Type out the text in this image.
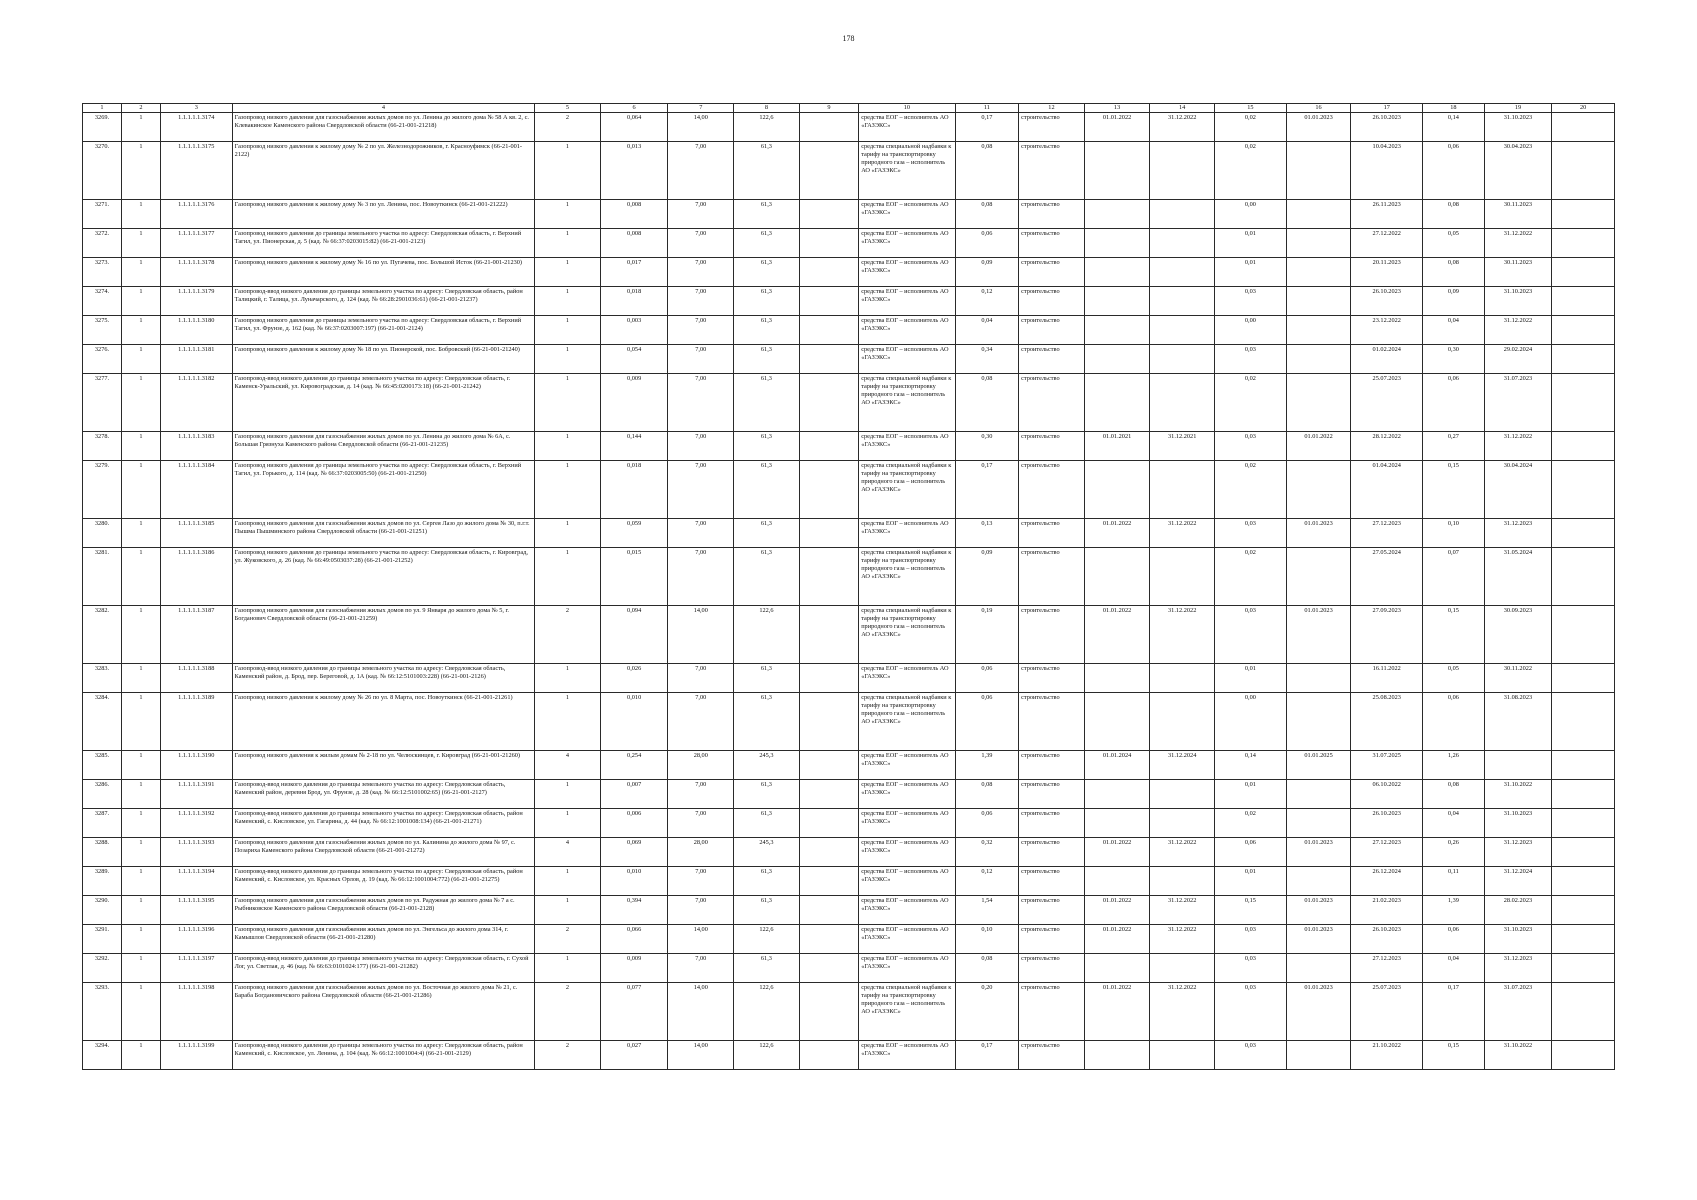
178
1	2	3	4	5	6	7	8	9	10	11	12	13	14	15	16	17	18	19	20
3269.	1	1.1.1.1.1.3174	Газопровод низкого давления для газоснабжения жилых домов по ул. Ленина до жилого дома № 58 А кв. 2, с. Клевакинское Каменского района Свердловской области (66-21-001-21218)	2	0,064	14,00	122,6		средства ЕОГ – исполнитель АО «ГАЗЭКС»	0,17	строительство	01.01.2022	31.12.2022	0,02	01.01.2023	26.10.2023	0,14	31.10.2023	
3270.	1	1.1.1.1.1.3175	Газопровод низкого давления к жилому дому № 2 по ул. Железнодорожников, г. Красноуфимск (66-21-001-2122)	1	0,013	7,00	61,3		средства специальной надбавки к тарифу на транспортировку природного газа – исполнитель АО «ГАЗЭКС»	0,08	строительство			0,02		10.04.2023	0,06	30.04.2023	
3271.	1	1.1.1.1.1.3176	Газопровод низкого давления к жилому дому № 3 по ул. Ленина, пос. Новоуткинск (66-21-001-21222)	1	0,008	7,00	61,3		средства ЕОГ – исполнитель АО «ГАЗЭКС»	0,08	строительство			0,00		26.11.2023	0,08	30.11.2023	
3272.	1	1.1.1.1.1.3177	Газопровод низкого давления до границы земельного участка по адресу: Свердловская область, г. Верхний Тагил, ул. Пионерская, д. 5 (кад. № 66:37:0203015:82) (66-21-001-2123)	1	0,008	7,00	61,3		средства ЕОГ – исполнитель АО «ГАЗЭКС»	0,06	строительство			0,01		27.12.2022	0,05	31.12.2022	
3273.	1	1.1.1.1.1.3178	Газопровод низкого давления к жилому дому № 16 по ул. Пугачева, пос. Большой Исток (66-21-001-21230)	1	0,017	7,00	61,3		средства ЕОГ – исполнитель АО «ГАЗЭКС»	0,09	строительство			0,01		20.11.2023	0,08	30.11.2023	
3274.	1	1.1.1.1.1.3179	Газопровод-ввод низкого давления до границы земельного участка по адресу: Свердловская область, район Талицкий, г. Талица, ул. Луначарского, д. 124 (кад. № 66:28:2901036:61) (66-21-001-21237)	1	0,018	7,00	61,3		средства ЕОГ – исполнитель АО «ГАЗЭКС»	0,12	строительство			0,03		26.10.2023	0,09	31.10.2023	
3275.	1	1.1.1.1.1.3180	Газопровод низкого давления до границы земельного участка по адресу: Свердловская область, г. Верхний Тагил, ул. Фрунзе, д. 162 (кад. № 66:37:0203007:197) (66-21-001-2124)	1	0,003	7,00	61,3		средства ЕОГ – исполнитель АО «ГАЗЭКС»	0,04	строительство			0,00		23.12.2022	0,04	31.12.2022	
3276.	1	1.1.1.1.1.3181	Газопровод низкого давления к жилому дому № 18 по ул. Пионерской, пос. Бобровский (66-21-001-21240)	1	0,054	7,00	61,3		средства ЕОГ – исполнитель АО «ГАЗЭКС»	0,34	строительство			0,03		01.02.2024	0,30	29.02.2024	
3277.	1	1.1.1.1.1.3182	Газопровод-ввод низкого давления до границы земельного участка по адресу: Свердловская область, г. Каменск-Уральский, ул. Кировоградская, д. 14 (кад. № 66:45:0200173:18) (66-21-001-21242)	1	0,009	7,00	61,3		средства специальной надбавки к тарифу на транспортировку природного газа – исполнитель АО «ГАЗЭКС»	0,08	строительство			0,02		25.07.2023	0,06	31.07.2023	
3278.	1	1.1.1.1.1.3183	Газопровод низкого давления для газоснабжения жилых домов по ул. Ленина до жилого дома № 6А, с. Большая Грязнуха Каменского района Свердловской области (66-21-001-21235)	1	0,144	7,00	61,3		средства ЕОГ – исполнитель АО «ГАЗЭКС»	0,30	строительство	01.01.2021	31.12.2021	0,03	01.01.2022	28.12.2022	0,27	31.12.2022	
3279.	1	1.1.1.1.1.3184	Газопровод низкого давления до границы земельного участка по адресу: Свердловская область, г. Верхний Тагил, ул. Горького, д. 114 (кад. № 66:37:0203005:50) (66-21-001-21250)	1	0,018	7,00	61,3		средства специальной надбавки к тарифу на транспортировку природного газа – исполнитель АО «ГАЗЭКС»	0,17	строительство			0,02		01.04.2024	0,15	30.04.2024	
3280.	1	1.1.1.1.1.3185	Газопровод низкого давления для газоснабжения жилых домов по ул. Сергея Лазо до жилого дома № 30, п.г.т. Пышма Пышминского района Свердловской области (66-21-001-21251)	1	0,059	7,00	61,3		средства ЕОГ – исполнитель АО «ГАЗЭКС»	0,13	строительство	01.01.2022	31.12.2022	0,03	01.01.2023	27.12.2023	0,10	31.12.2023	
3281.	1	1.1.1.1.1.3186	Газопровод низкого давления до границы земельного участка по адресу: Свердловская область, г. Кировград, ул. Жуковского, д. 26 (кад. № 66:49:0503037:28) (66-21-001-21252)	1	0,015	7,00	61,3		средства специальной надбавки к тарифу на транспортировку природного газа – исполнитель АО «ГАЗЭКС»	0,09	строительство			0,02		27.05.2024	0,07	31.05.2024	
3282.	1	1.1.1.1.1.3187	Газопровод низкого давления для газоснабжения жилых домов по ул. 9 Января до жилого дома № 5, г. Богданович Свердловской области (66-21-001-21259)	2	0,094	14,00	122,6		средства специальной надбавки к тарифу на транспортировку природного газа – исполнитель АО «ГАЗЭКС»	0,19	строительство	01.01.2022	31.12.2022	0,03	01.01.2023	27.09.2023	0,15	30.09.2023	
3283.	1	1.1.1.1.1.3188	Газопровод-ввод низкого давления до границы земельного участка по адресу: Свердловская область, Каменский район, д. Брод, пер. Береговой, д. 1А (кад. № 66:12:5101003:228) (66-21-001-2126)	1	0,026	7,00	61,3		средства ЕОГ – исполнитель АО «ГАЗЭКС»	0,06	строительство			0,01		16.11.2022	0,05	30.11.2022	
3284.	1	1.1.1.1.1.3189	Газопровод низкого давления к жилому дому № 26 по ул. 8 Марта, пос. Новоуткинск (66-21-001-21261)	1	0,010	7,00	61,3		средства специальной надбавки к тарифу на транспортировку природного газа – исполнитель АО «ГАЗЭКС»	0,06	строительство			0,00		25.08.2023	0,06	31.08.2023	
3285.	1	1.1.1.1.1.3190	Газопровод низкого давления к жилым домам № 2-18 по ул. Челюскинцев, г. Кировград (66-21-001-21260)	4	0,254	28,00	245,3		средства ЕОГ – исполнитель АО «ГАЗЭКС»	1,39	строительство	01.01.2024	31.12.2024	0,14	01.01.2025	31.07.2025	1,26		
3286.	1	1.1.1.1.1.3191	Газопровод-ввод низкого давления до границы земельного участка по адресу: Свердловская область, Каменский район, деревня Брод, ул. Фрунзе, д. 28 (кад. № 66:12:5101002:65) (66-21-001-2127)	1	0,007	7,00	61,3		средства ЕОГ – исполнитель АО «ГАЗЭКС»	0,08	строительство			0,01		06.10.2022	0,08	31.10.2022	
3287.	1	1.1.1.1.1.3192	Газопровод-ввод низкого давления до границы земельного участка по адресу: Свердловская область, район Каменский, с. Кисловское, ул. Гагарина, д. 44 (кад. № 66:12:1001008:134) (66-21-001-21271)	1	0,006	7,00	61,3		средства ЕОГ – исполнитель АО «ГАЗЭКС»	0,06	строительство			0,02		26.10.2023	0,04	31.10.2023	
3288.	1	1.1.1.1.1.3193	Газопровод низкого давления для газоснабжения жилых домов по ул. Калинина до жилого дома № 97, с. Позариха Каменского района Свердловской области (66-21-001-21272)	4	0,069	28,00	245,3		средства ЕОГ – исполнитель АО «ГАЗЭКС»	0,32	строительство	01.01.2022	31.12.2022	0,06	01.01.2023	27.12.2023	0,26	31.12.2023	
3289.	1	1.1.1.1.1.3194	Газопровод-ввод низкого давления до границы земельного участка по адресу: Свердловская область, район Каменский, с. Кисловское, ул. Красных Орлов, д. 19 (кад. № 66:12:1001004:772) (66-21-001-21275)	1	0,010	7,00	61,3		средства ЕОГ – исполнитель АО «ГАЗЭКС»	0,12	строительство			0,01		26.12.2024	0,11	31.12.2024	
3290.	1	1.1.1.1.1.3195	Газопровод низкого давления для газоснабжения жилых домов по ул. Радужная до жилого дома № 7 а с. Рыбниковское Каменского района Свердловской области (66-21-001-2128)	1	0,394	7,00	61,3		средства ЕОГ – исполнитель АО «ГАЗЭКС»	1,54	строительство	01.01.2022	31.12.2022	0,15	01.01.2023	21.02.2023	1,39	28.02.2023	
3291.	1	1.1.1.1.1.3196	Газопровод низкого давления для газоснабжения жилых домов по ул. Энгельса до жилого дома 314, г. Камышлов Свердловской области (66-21-001-21280)	2	0,066	14,00	122,6		средства ЕОГ – исполнитель АО «ГАЗЭКС»	0,10	строительство	01.01.2022	31.12.2022	0,03	01.01.2023	26.10.2023	0,06	31.10.2023	
3292.	1	1.1.1.1.1.3197	Газопровод-ввод низкого давления до границы земельного участка по адресу: Свердловская область, г. Сухой Лог, ул. Светлая, д. 46 (кад. № 66:63:0101024:177) (66-21-001-21282)	1	0,009	7,00	61,3		средства ЕОГ – исполнитель АО «ГАЗЭКС»	0,08	строительство			0,03		27.12.2023	0,04	31.12.2023	
3293.	1	1.1.1.1.1.3198	Газопровод низкого давления для газоснабжения жилых домов по ул. Восточная до жилого дома № 21, с. Бараба Богдановичского района Свердловской области (66-21-001-21286)	2	0,077	14,00	122,6		средства специальной надбавки к тарифу на транспортировку природного газа – исполнитель АО «ГАЗЭКС»	0,20	строительство	01.01.2022	31.12.2022	0,03	01.01.2023	25.07.2023	0,17	31.07.2023	
3294.	1	1.1.1.1.1.3199	Газопровод-ввод низкого давления до границы земельного участка по адресу: Свердловская область, район Каменский, с. Кисловское, ул. Ленина, д. 104 (кад. № 66:12:1001004:4) (66-21-001-2129)	2	0,027	14,00	122,6		средства ЕОГ – исполнитель АО «ГАЗЭКС»	0,17	строительство			0,03		21.10.2022	0,15	31.10.2022	
